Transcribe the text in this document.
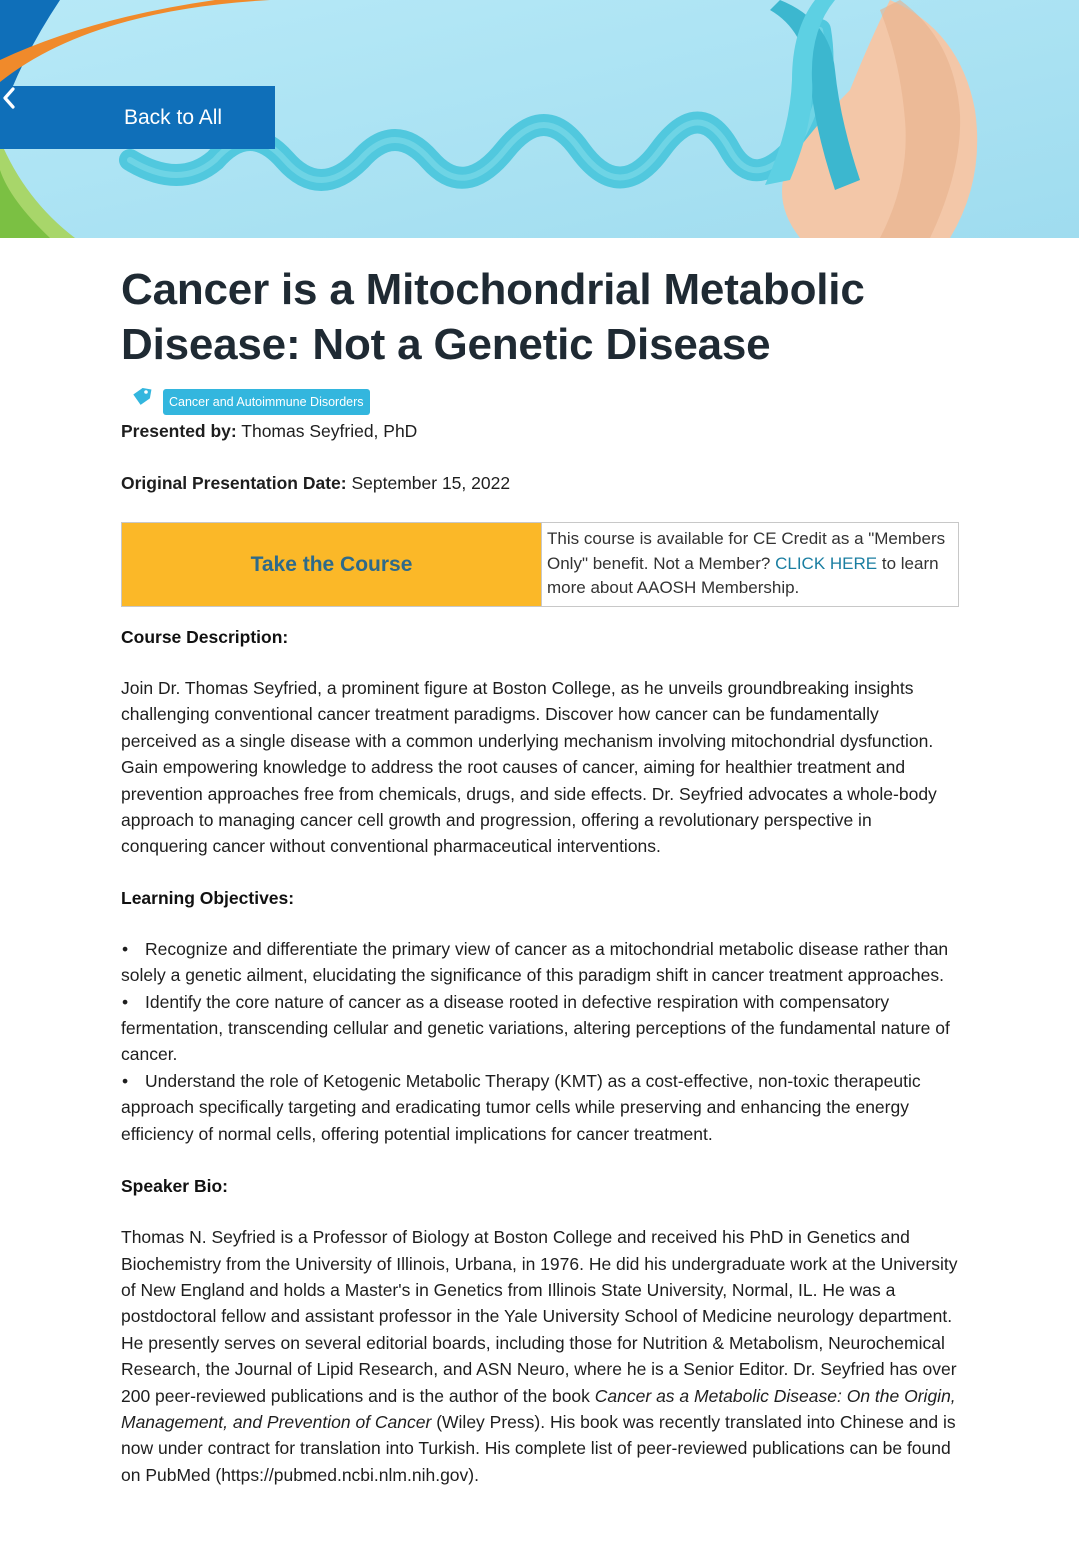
Back to All
Cancer is a Mitochondrial Metabolic Disease: Not a Genetic Disease
Cancer and Autoimmune Disorders

Presented by: Thomas Seyfried, PhD

Original Presentation Date: September 15, 2022

Take the Course
This course is available for CE Credit as a "Members Only" benefit. Not a Member? CLICK HERE to learn more about AAOSH Membership.
Course Description:

Join Dr. Thomas Seyfried, a prominent figure at Boston College, as he unveils groundbreaking insights challenging conventional cancer treatment paradigms. Discover how cancer can be fundamentally perceived as a single disease with a common underlying mechanism involving mitochondrial dysfunction. Gain empowering knowledge to address the root causes of cancer, aiming for healthier treatment and prevention approaches free from chemicals, drugs, and side effects. Dr. Seyfried advocates a whole-body approach to managing cancer cell growth and progression, offering a revolutionary perspective in conquering cancer without conventional pharmaceutical interventions.

Learning Objectives:
• Recognize and differentiate the primary view of cancer as a mitochondrial metabolic disease rather than solely a genetic ailment, elucidating the significance of this paradigm shift in cancer treatment approaches.
• Identify the core nature of cancer as a disease rooted in defective respiration with compensatory fermentation, transcending cellular and genetic variations, altering perceptions of the fundamental nature of cancer.
• Understand the role of Ketogenic Metabolic Therapy (KMT) as a cost-effective, non-toxic therapeutic approach specifically targeting and eradicating tumor cells while preserving and enhancing the energy efficiency of normal cells, offering potential implications for cancer treatment.
Speaker Bio:

Thomas N. Seyfried is a Professor of Biology at Boston College and received his PhD in Genetics and Biochemistry from the University of Illinois, Urbana, in 1976. He did his undergraduate work at the University of New England and holds a Master's in Genetics from Illinois State University, Normal, IL. He was a postdoctoral fellow and assistant professor in the Yale University School of Medicine neurology department. He presently serves on several editorial boards, including those for Nutrition & Metabolism, Neurochemical Research, the Journal of Lipid Research, and ASN Neuro, where he is a Senior Editor. Dr. Seyfried has over 200 peer-reviewed publications and is the author of the book Cancer as a Metabolic Disease: On the Origin, Management, and Prevention of Cancer (Wiley Press). His book was recently translated into Chinese and is now under contract for translation into Turkish. His complete list of peer-reviewed publications can be found on PubMed (https://pubmed.ncbi.nlm.nih.gov).
